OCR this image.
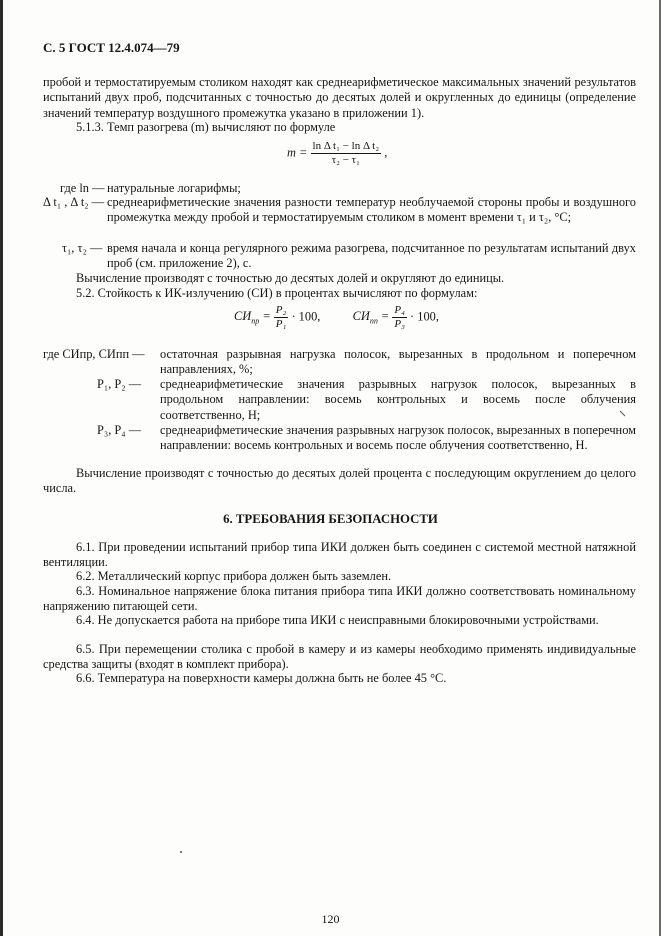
С. 5 ГОСТ 12.4.074—79
пробой и термостатируемым столиком находят как среднеарифметическое максимальных значений результатов испытаний двух проб, подсчитанных с точностью до десятых долей и округленных до единицы (определение значений температур воздушного промежутка указано в приложении 1).
5.1.3. Темп разогрева (m) вычисляют по формуле
$m = \frac{\text{ln Δ t₁ − ln Δ t₂}}{\text{τ₂ − τ₁}}$ ,
где ln — натуральные логарифмы;
Δ t₁ , Δ t₂ — среднеарифметические значения разности температур необлучаемой стороны пробы и воздушного промежутка между пробой и термостатируемым столиком в момент времени τ₁ и τ₂, °С;
τ₁, τ₂ — время начала и конца регулярного режима разогрева, подсчитанное по результатам испытаний двух проб (см. приложение 2), с.
Вычисление производят с точностью до десятых долей и округляют до единицы.
5.2. Стойкость к ИК-излучению (СИ) в процентах вычисляют по формулам:
$СИ_{пр} = \frac{\text{P₂}}{\text{P₁}} \cdot 100$,	$СИ_{пп} = \frac{\text{P₄}}{\text{P₃}} \cdot 100$,
где СИпр, СИпп — остаточная разрывная нагрузка полосок, вырезанных в продольном и поперечном направлениях, %;
P₁, P₂ — среднеарифметические значения разрывных нагрузок полосок, вырезанных в продольном направлении: восемь контрольных и восемь после облучения соответственно, Н;
P₃, P₄ — среднеарифметические значения разрывных нагрузок полосок, вырезанных в поперечном направлении: восемь контрольных и восемь после облучения соответственно, Н.
Вычисление производят с точностью до десятых долей процента с последующим округлением до целого числа.
6. ТРЕБОВАНИЯ БЕЗОПАСНОСТИ
6.1. При проведении испытаний прибор типа ИКИ должен быть соединен с системой местной натяжной вентиляции.
6.2. Металлический корпус прибора должен быть заземлен.
6.3. Номинальное напряжение блока питания прибора типа ИКИ должно соответствовать номинальному напряжению питающей сети.
6.4. Не допускается работа на приборе типа ИКИ с неисправными блокировочными устройствами.
6.5. При перемещении столика с пробой в камеру и из камеры необходимо применять индивидуальные средства защиты (входят в комплект прибора).
6.6. Температура на поверхности камеры должна быть не более 45 °С.
120
